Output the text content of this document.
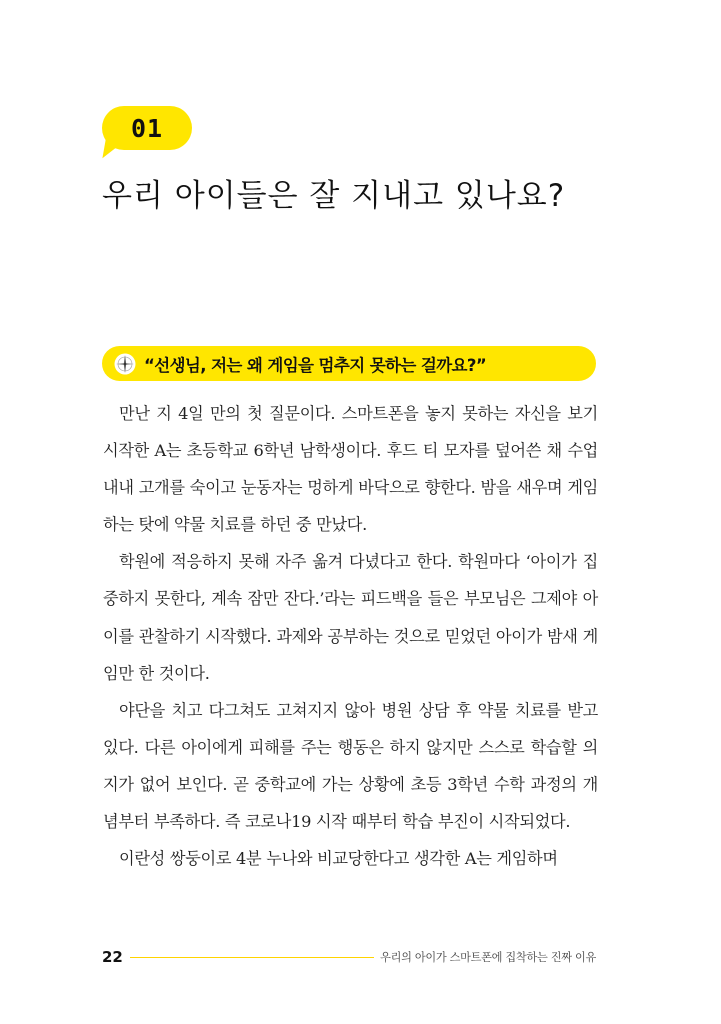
01
우리 아이들은 잘 지내고 있나요?
“선생님, 저는 왜 게임을 멈추지 못하는 걸까요?”

만난 지 4일 만의 첫 질문이다. 스마트폰을 놓지 못하는 자신을 보기 시작한 A는 초등학교 6학년 남학생이다. 후드 티 모자를 덮어쓴 채 수업 내내 고개를 숙이고 눈동자는 멍하게 바닥으로 향한다. 밤을 새우며 게임하는 탓에 약물 치료를 하던 중 만났다.

학원에 적응하지 못해 자주 옮겨 다녔다고 한다. 학원마다 ‘아이가 집중하지 못한다, 계속 잠만 잔다.’라는 피드백을 들은 부모님은 그제야 아이를 관찰하기 시작했다. 과제와 공부하는 것으로 믿었던 아이가 밤새 게임만 한 것이다.

야단을 치고 다그쳐도 고쳐지지 않아 병원 상담 후 약물 치료를 받고 있다. 다른 아이에게 피해를 주는 행동은 하지 않지만 스스로 학습할 의지가 없어 보인다. 곧 중학교에 가는 상황에 초등 3학년 수학 과정의 개념부터 부족하다. 즉 코로나19 시작 때부터 학습 부진이 시작되었다.

이란성 쌍둥이로 4분 누나와 비교당한다고 생각한 A는 게임하며

22	우리의 아이가 스마트폰에 집착하는 진짜 이유
